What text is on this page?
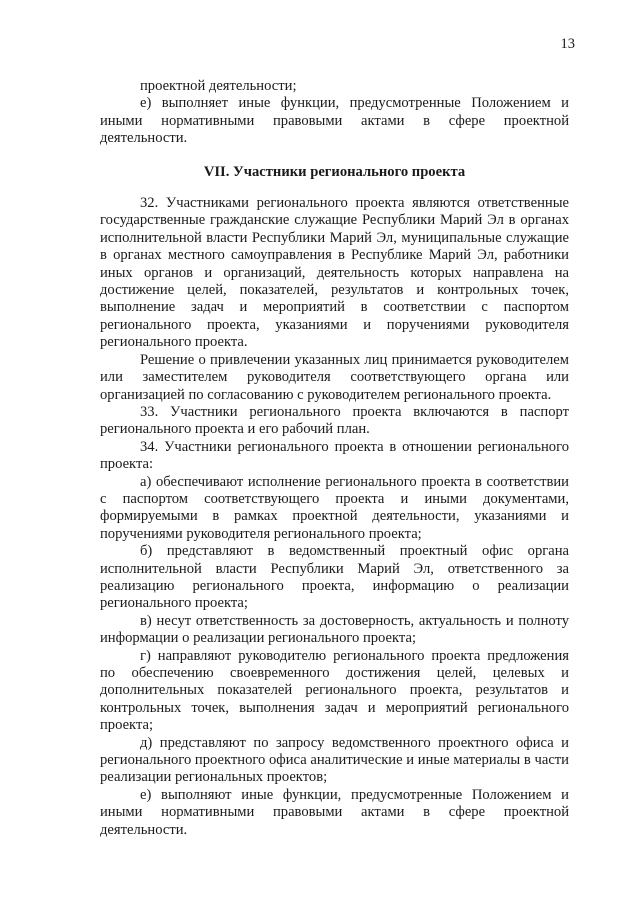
13

проектной деятельности;

е) выполняет иные функции, предусмотренные Положением и иными нормативными правовыми актами в сфере проектной деятельности.

VII. Участники регионального проекта

32. Участниками регионального проекта являются ответственные государственные гражданские служащие Республики Марий Эл в органах исполнительной власти Республики Марий Эл, муниципальные служащие в органах местного самоуправления в Республике Марий Эл, работники иных органов и организаций, деятельность которых направлена на достижение целей, показателей, результатов и контрольных точек, выполнение задач и мероприятий в соответствии с паспортом регионального проекта, указаниями и поручениями руководителя регионального проекта.

Решение о привлечении указанных лиц принимается руководителем или заместителем руководителя соответствующего органа или организацией по согласованию с руководителем регионального проекта.

33. Участники регионального проекта включаются в паспорт регионального проекта и его рабочий план.

34. Участники регионального проекта в отношении регионального проекта:

а) обеспечивают исполнение регионального проекта в соответствии с паспортом соответствующего проекта и иными документами, формируемыми в рамках проектной деятельности, указаниями и поручениями руководителя регионального проекта;

б) представляют в ведомственный проектный офис органа исполнительной власти Республики Марий Эл, ответственного за реализацию регионального проекта, информацию о реализации регионального проекта;

в) несут ответственность за достоверность, актуальность и полноту информации о реализации регионального проекта;

г) направляют руководителю регионального проекта предложения по обеспечению своевременного достижения целей, целевых и дополнительных показателей регионального проекта, результатов и контрольных точек, выполнения задач и мероприятий регионального проекта;

д) представляют по запросу ведомственного проектного офиса и регионального проектного офиса аналитические и иные материалы в части реализации региональных проектов;

е) выполняют иные функции, предусмотренные Положением и иными нормативными правовыми актами в сфере проектной деятельности.
